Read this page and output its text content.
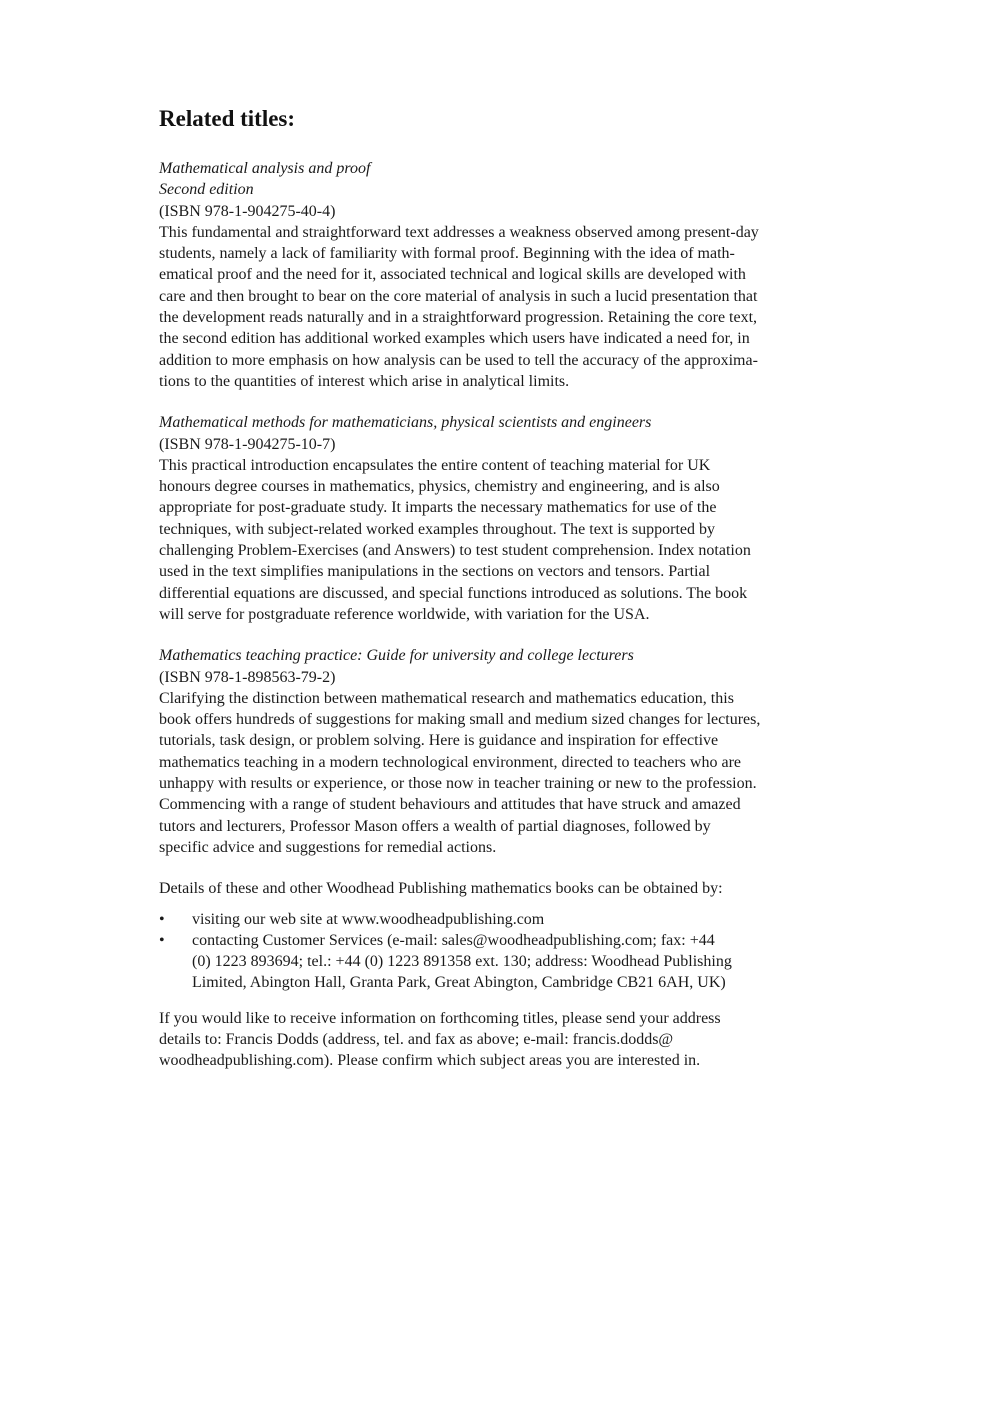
Related titles:

Mathematical analysis and proof

Second edition

(ISBN 978-1-904275-40-4)

This fundamental and straightforward text addresses a weakness observed among present-day
students, namely a lack of familiarity with formal proof. Beginning with the idea of math-
ematical proof and the need for it, associated technical and logical skills are developed with
care and then brought to bear on the core material of analysis in such a lucid presentation that
the development reads naturally and in a straightforward progression. Retaining the core text,
the second edition has additional worked examples which users have indicated a need for, in
addition to more emphasis on how analysis can be used to tell the accuracy of the approxima-
tions to the quantities of interest which arise in analytical limits.

Mathematical methods for mathematicians, physical scientists and engineers

(ISBN 978-1-904275-10-7)

This practical introduction encapsulates the entire content of teaching material for UK
honours degree courses in mathematics, physics, chemistry and engineering, and is also
appropriate for post-graduate study. It imparts the necessary mathematics for use of the
techniques, with subject-related worked examples throughout. The text is supported by
challenging Problem-Exercises (and Answers) to test student comprehension. Index notation
used in the text simplifies manipulations in the sections on vectors and tensors. Partial
differential equations are discussed, and special functions introduced as solutions. The book
will serve for postgraduate reference worldwide, with variation for the USA.

Mathematics teaching practice: Guide for university and college lecturers

(ISBN 978-1-898563-79-2)

Clarifying the distinction between mathematical research and mathematics education, this
book offers hundreds of suggestions for making small and medium sized changes for lectures,
tutorials, task design, or problem solving. Here is guidance and inspiration for effective
mathematics teaching in a modern technological environment, directed to teachers who are
unhappy with results or experience, or those now in teacher training or new to the profession.
Commencing with a range of student behaviours and attitudes that have struck and amazed
tutors and lecturers, Professor Mason offers a wealth of partial diagnoses, followed by
specific advice and suggestions for remedial actions.

Details of these and other Woodhead Publishing mathematics books can be obtained by:

• visiting our web site at www.woodheadpublishing.com
• contacting Customer Services (e-mail: sales@woodheadpublishing.com; fax: +44
(0) 1223 893694; tel.: +44 (0) 1223 891358 ext. 130; address: Woodhead Publishing
Limited, Abington Hall, Granta Park, Great Abington, Cambridge CB21 6AH, UK)

If you would like to receive information on forthcoming titles, please send your address
details to: Francis Dodds (address, tel. and fax as above; e-mail: francis.dodds@
woodheadpublishing.com). Please confirm which subject areas you are interested in.
